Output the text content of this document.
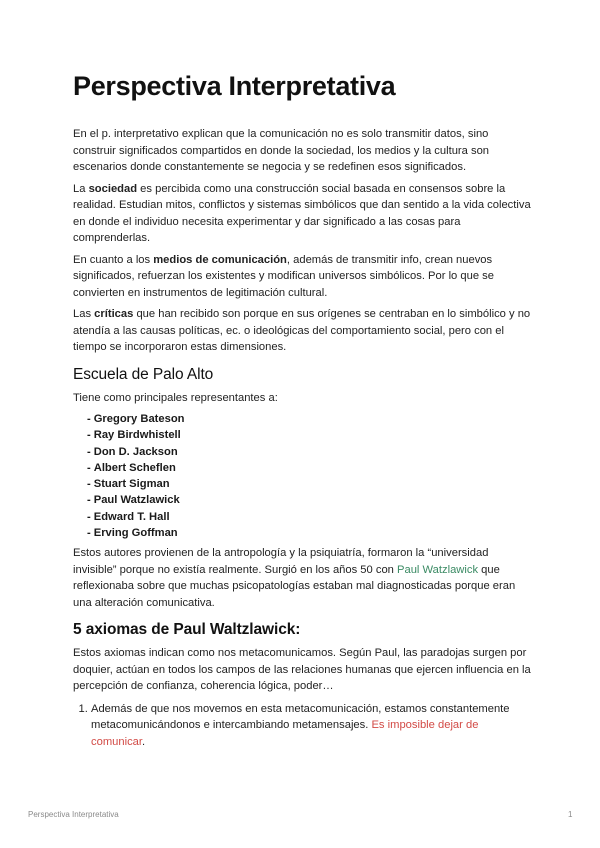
Perspectiva Interpretativa

En el p. interpretativo explican que la comunicación no es solo transmitir datos, sino construir significados compartidos en donde la sociedad, los medios y la cultura son escenarios donde constantemente se negocia y se redefinen esos significados.

La sociedad es percibida como una construcción social basada en consensos sobre la realidad. Estudian mitos, conflictos y sistemas simbólicos que dan sentido a la vida colectiva en donde el individuo necesita experimentar y dar significado a las cosas para comprenderlas.

En cuanto a los medios de comunicación, además de transmitir info, crean nuevos significados, refuerzan los existentes y modifican universos simbólicos. Por lo que se convierten en instrumentos de legitimación cultural.

Las críticas que han recibido son porque en sus orígenes se centraban en lo simbólico y no atendía a las causas políticas, ec. o ideológicas del comportamiento social, pero con el tiempo se incorporaron estas dimensiones.

Escuela de Palo Alto

Tiene como principales representantes a:

- Gregory Bateson
- Ray Birdwhistell
- Don D. Jackson
- Albert Scheflen
- Stuart Sigman
- Paul Watzlawick
- Edward T. Hall
- Erving Goffman

Estos autores provienen de la antropología y la psiquiatría, formaron la “universidad invisible” porque no existía realmente. Surgió en los años 50 con Paul Watzlawick que reflexionaba sobre que muchas psicopatologías estaban mal diagnosticadas porque eran una alteración comunicativa.

5 axiomas de Paul Waltzlawick:

Estos axiomas indican como nos metacomunicamos. Según Paul, las paradojas surgen por doquier, actúan en todos los campos de las relaciones humanas que ejercen influencia en la percepción de confianza, coherencia lógica, poder…

1. Además de que nos movemos en esta metacomunicación, estamos constantemente metacomunicándonos e intercambiando metamensajes. Es imposible dejar de comunicar.
Perspectiva Interpretativa	1
